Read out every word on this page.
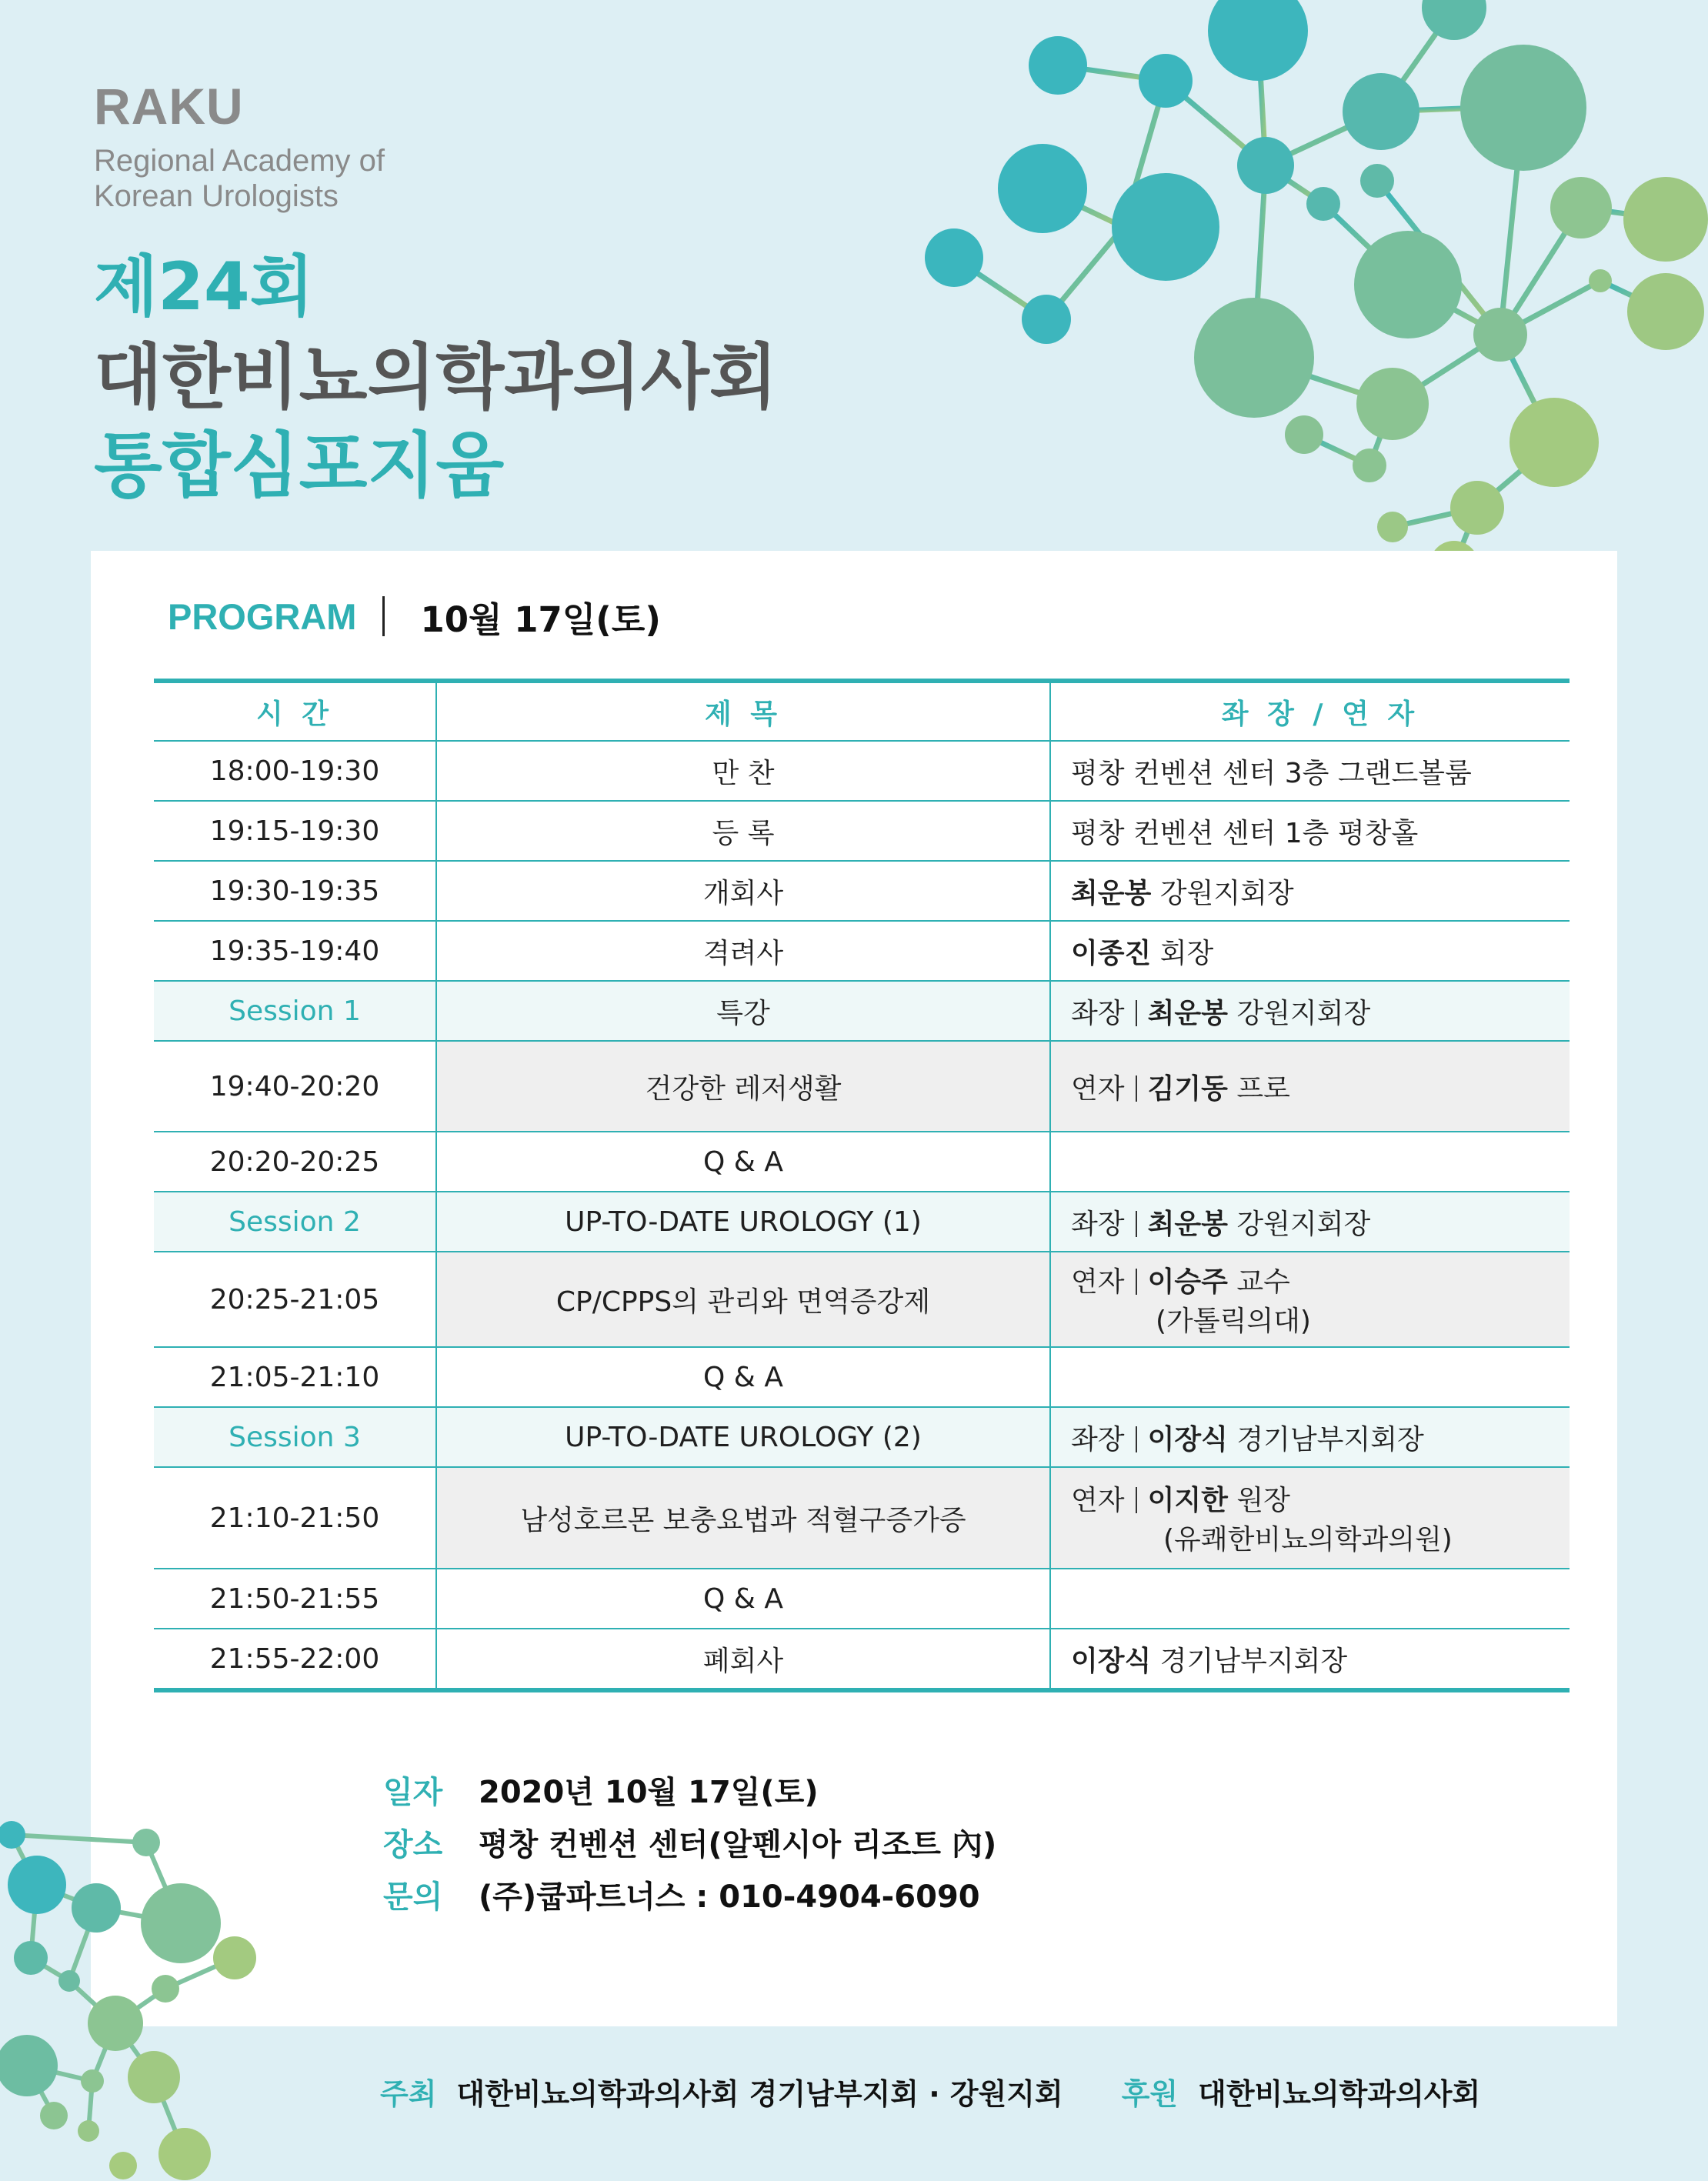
RAKU
Regional Academy of
Korean Urologists
제24회
대한비뇨의학과의사회
통합심포지움
PROGRAM 10월 17일(토)
시 간	제 목	좌 장 / 연 자
18:00-19:30	만 찬	평창 컨벤션 센터 3층 그랜드볼룸
19:15-19:30	등 록	평창 컨벤션 센터 1층 평창홀
19:30-19:35	개회사	최운봉 강원지회장
19:35-19:40	격려사	이종진 회장
Session 1	특강	좌장 최운봉 강원지회장
19:40-20:20	건강한 레저생활	연자 김기동 프로
20:20-20:25	Q & A	
Session 2	UP-TO-DATE UROLOGY (1)	좌장 최운봉 강원지회장
20:25-21:05	CP/CPPS의 관리와 면역증강제	연자 이승주 교수
(가톨릭의대)

21:05-21:10	Q & A	
Session 3	UP-TO-DATE UROLOGY (2)	좌장 이장식 경기남부지회장
21:10-21:50	남성호르몬 보충요법과 적혈구증가증	연자 이지한 원장
(유쾌한비뇨의학과의원)

21:50-21:55	Q & A	
21:55-22:00	폐회사	이장식 경기남부지회장
일자	2020년 10월 17일(토)
장소	평창 컨벤션 센터(알펜시아 리조트 內)
문의	(주)쿱파트너스 : 010-4904-6090
주최 대한비뇨의학과의사회 경기남부지회 · 강원지회 후원 대한비뇨의학과의사회
